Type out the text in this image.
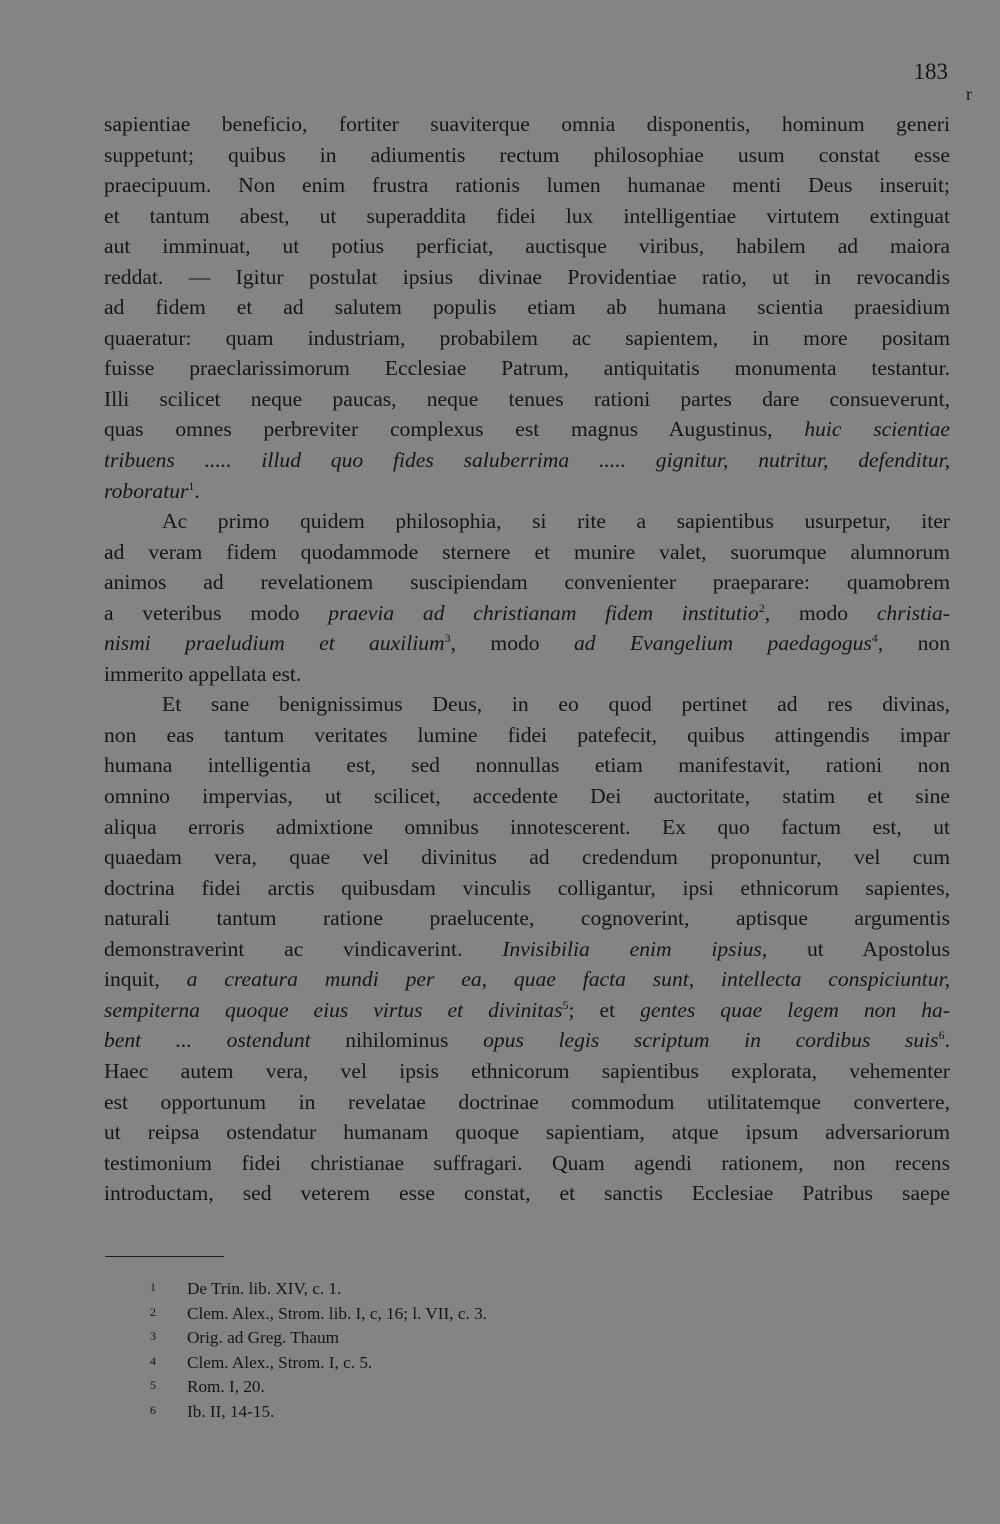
183
r
sapientiae beneficio, fortiter suaviterque omnia disponentis, hominum generi
suppetunt; quibus in adiumentis rectum philosophiae usum constat esse
praecipuum. Non enim frustra rationis lumen humanae menti Deus inseruit;
et tantum abest, ut superaddita fidei lux intelligentiae virtutem extinguat
aut imminuat, ut potius perficiat, auctisque viribus, habilem ad maiora
reddat. — Igitur postulat ipsius divinae Providentiae ratio, ut in revocandis
ad fidem et ad salutem populis etiam ab humana scientia praesidium
quaeratur: quam industriam, probabilem ac sapientem, in more positam
fuisse praeclarissimorum Ecclesiae Patrum, antiquitatis monumenta testantur.
Illi scilicet neque paucas, neque tenues rationi partes dare consueverunt,
quas omnes perbreviter complexus est magnus Augustinus, huic scientiae
tribuens ..... illud quo fides saluberrima ..... gignitur, nutritur, defenditur,
roboratur$^1$.
Ac primo quidem philosophia, si rite a sapientibus usurpetur, iter
ad veram fidem quodammode sternere et munire valet, suorumque alumnorum
animos ad revelationem suscipiendam convenienter praeparare: quamobrem
a veteribus modo praevia ad christianam fidem institutio$^2$, modo christia-
nismi praeludium et auxilium$^3$, modo ad Evangelium paedagogus$^4$, non
immerito appellata est.
Et sane benignissimus Deus, in eo quod pertinet ad res divinas,
non eas tantum veritates lumine fidei patefecit, quibus attingendis impar
humana intelligentia est, sed nonnullas etiam manifestavit, rationi non
omnino impervias, ut scilicet, accedente Dei auctoritate, statim et sine
aliqua erroris admixtione omnibus innotescerent. Ex quo factum est, ut
quaedam vera, quae vel divinitus ad credendum proponuntur, vel cum
doctrina fidei arctis quibusdam vinculis colligantur, ipsi ethnicorum sapientes,
naturali tantum ratione praelucente, cognoverint, aptisque argumentis
demonstraverint ac vindicaverint. Invisibilia enim ipsius, ut Apostolus
inquit, a creatura mundi per ea, quae facta sunt, intellecta conspiciuntur,
sempiterna quoque eius virtus et divinitas$^5$; et gentes quae legem non ha-
bent ... ostendunt nihilominus opus legis scriptum in cordibus suis$^6$.
Haec autem vera, vel ipsis ethnicorum sapientibus explorata, vehementer
est opportunum in revelatae doctrinae commodum utilitatemque convertere,
ut reipsa ostendatur humanam quoque sapientiam, atque ipsum adversariorum
testimonium fidei christianae suffragari. Quam agendi rationem, non recens
introductam, sed veterem esse constat, et sanctis Ecclesiae Patribus saepe
1	De Trin. lib. XIV, c. 1.
2	Clem. Alex., Strom. lib. I, c, 16; l. VII, c. 3.
3	Orig. ad Greg. Thaum
4	Clem. Alex., Strom. I, c. 5.
5	Rom. I, 20.
6	Ib. II, 14-15.
